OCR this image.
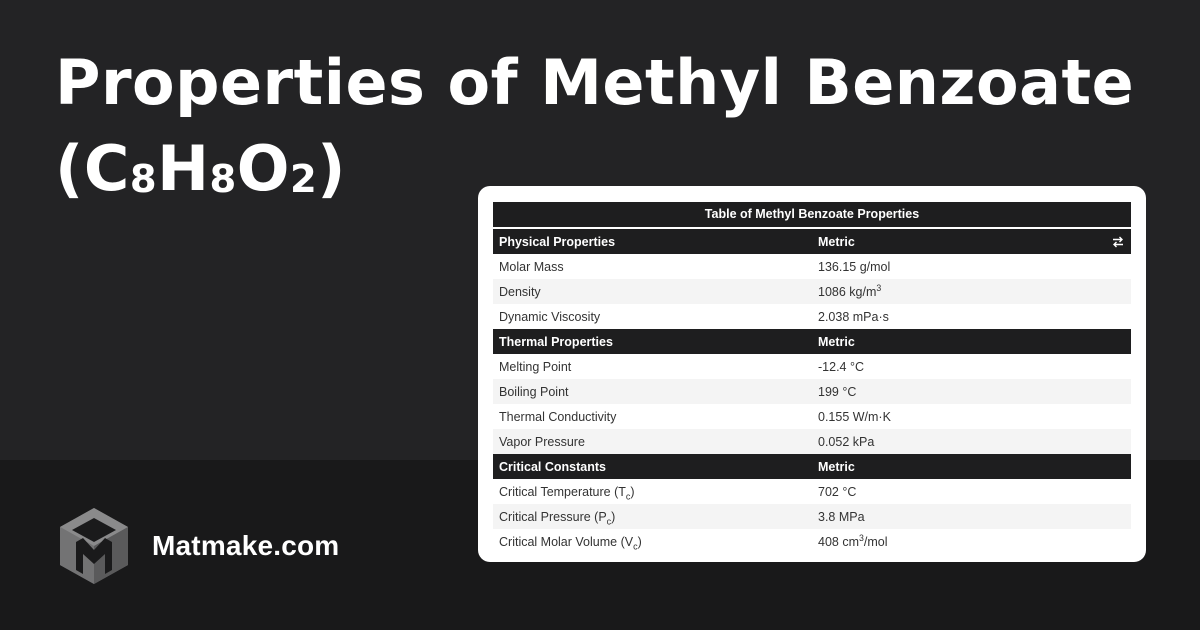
Properties of Methyl Benzoate
$(C_8H_8O_2)$
Matmake.com
Table of Methyl Benzoate Properties
Physical Properties	Metric

Molar Mass	136.15 g/mol
Density	1086 $kg/m^3$
Dynamic Viscosity	2.038 mPa·s
Thermal Properties	Metric
Melting Point	-12.4 °C
Boiling Point	199 °C
Thermal Conductivity	0.155 W/m·K
Vapor Pressure	0.052 kPa
Critical Constants	Metric
Critical Temperature $(T_c)$	702 °C
Critical Pressure $(P_c)$	3.8 MPa
Critical Molar Volume $(V_c)$	408 $cm^3$/mol
